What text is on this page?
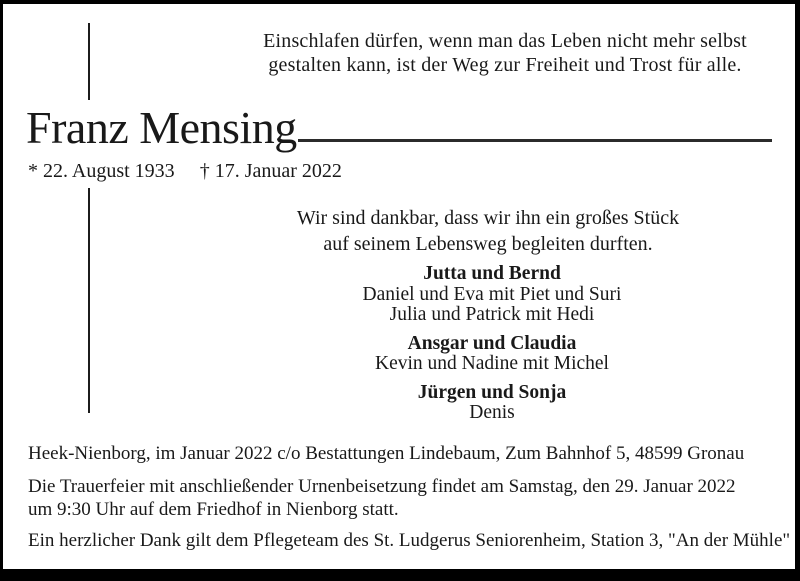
Einschlafen dürfen, wenn man das Leben nicht mehr selbst
gestalten kann, ist der Weg zur Freiheit und Trost für alle.
Franz Mensing
* 22. August 1933 † 17. Januar 2022
Wir sind dankbar, dass wir ihn ein großes Stück
auf seinem Lebensweg begleiten durften.
Jutta und Bernd
Daniel und Eva mit Piet und Suri
Julia und Patrick mit Hedi
Ansgar und Claudia
Kevin und Nadine mit Michel
Jürgen und Sonja
Denis
Heek-Nienborg, im Januar 2022 c/o Bestattungen Lindebaum, Zum Bahnhof 5, 48599 Gronau
Die Trauerfeier mit anschließender Urnenbeisetzung findet am Samstag, den 29. Januar 2022
um 9:30 Uhr auf dem Friedhof in Nienborg statt.
Ein herzlicher Dank gilt dem Pflegeteam des St. Ludgerus Seniorenheim, Station 3, "An der Mühle"
